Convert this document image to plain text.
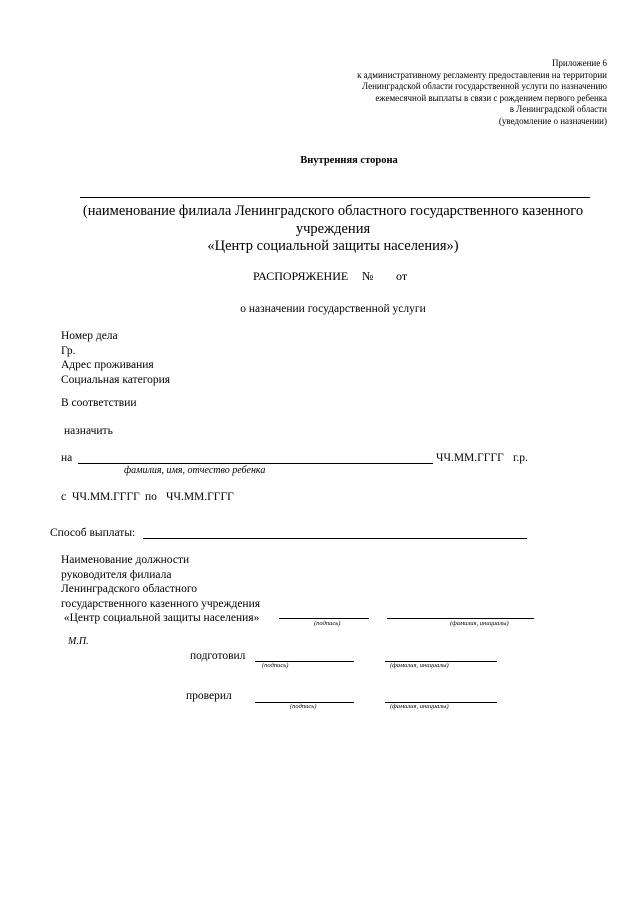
Приложение 6
к административному регламенту предоставления на территории
Ленинградской области государственной услуги по назначению
ежемесячной выплаты в связи с рождением первого ребенка
в Ленинградской области
(уведомление о назначении)
Внутренняя сторона
(наименование филиала Ленинградского областного государственного казенного учреждения
«Центр социальной защиты населения»)
РАСПОРЯЖЕНИЕ № от
о назначении государственной услуги
Номер дела
Гр.
Адрес проживания
Социальная категория
В соответствии
назначить
на	ЧЧ.ММ.ГГГГ г.р.
фамилия, имя, отчество ребенка
с ЧЧ.ММ.ГГГГ по ЧЧ.ММ.ГГГГ
Способ выплаты:
Наименование должности
руководителя филиала
Ленинградского областного
государственного казенного учреждения
«Центр социальной защиты населения»	(подпись)	(фамилия, инициалы)
М.П.
подготовил
(подпись)	(фамилия, инициалы)
проверил
(подпись)	(фамилия, инициалы)
